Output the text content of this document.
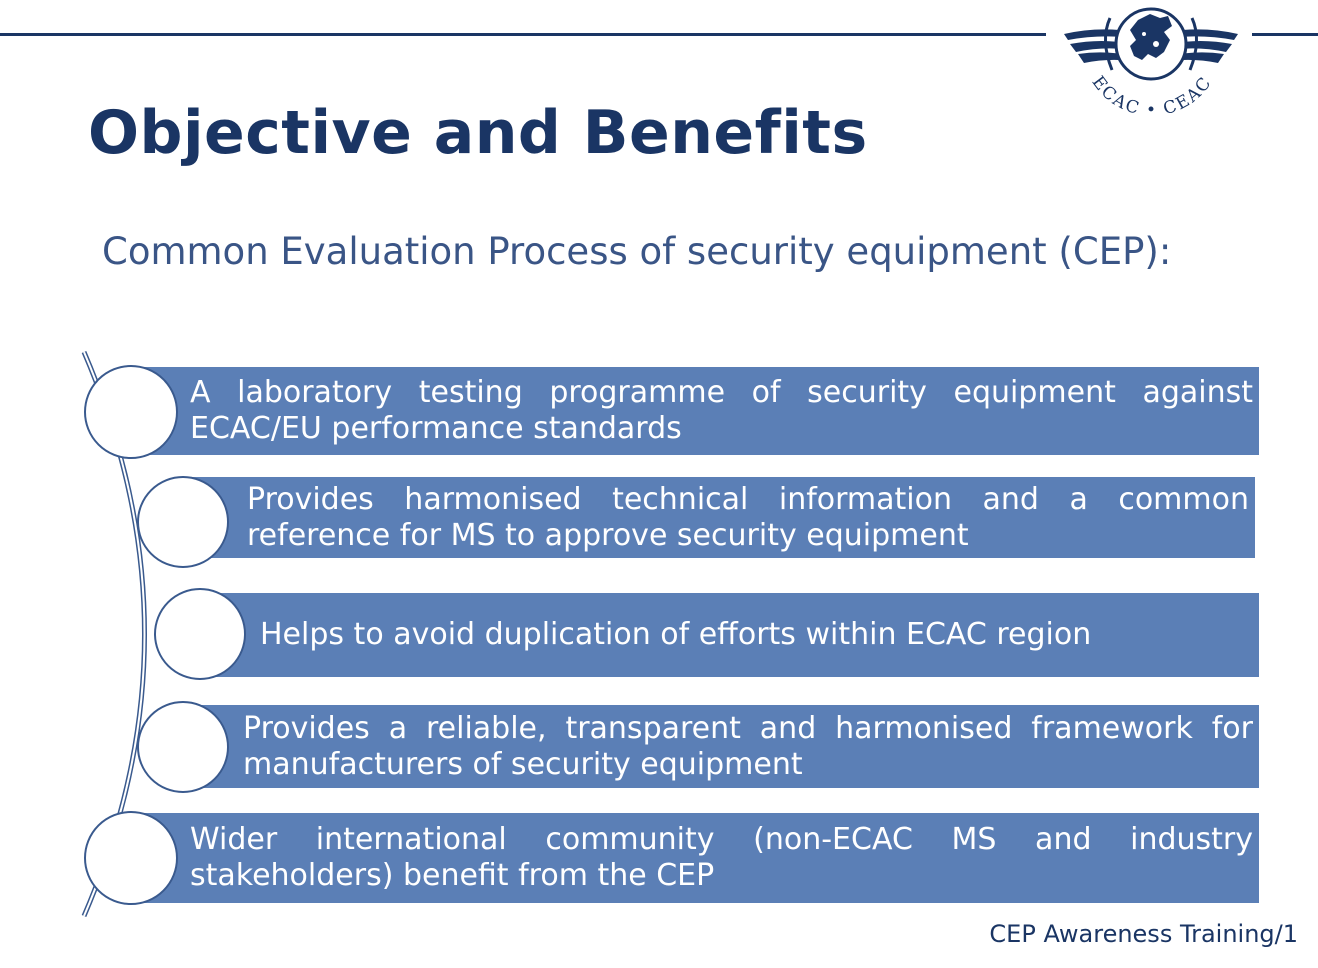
ECAC • CEAC
Objective and Benefits
Common Evaluation Process of security equipment (CEP):
A laboratory testing programme of security equipment against ECAC/EU performance standards
Provides harmonised technical information and a common reference for MS to approve security equipment
Helps to avoid duplication of efforts within ECAC region
Provides a reliable, transparent and harmonised framework for manufacturers of security equipment
Wider international community (non-ECAC MS and industry stakeholders) benefit from the CEP
CEP Awareness Training/1
